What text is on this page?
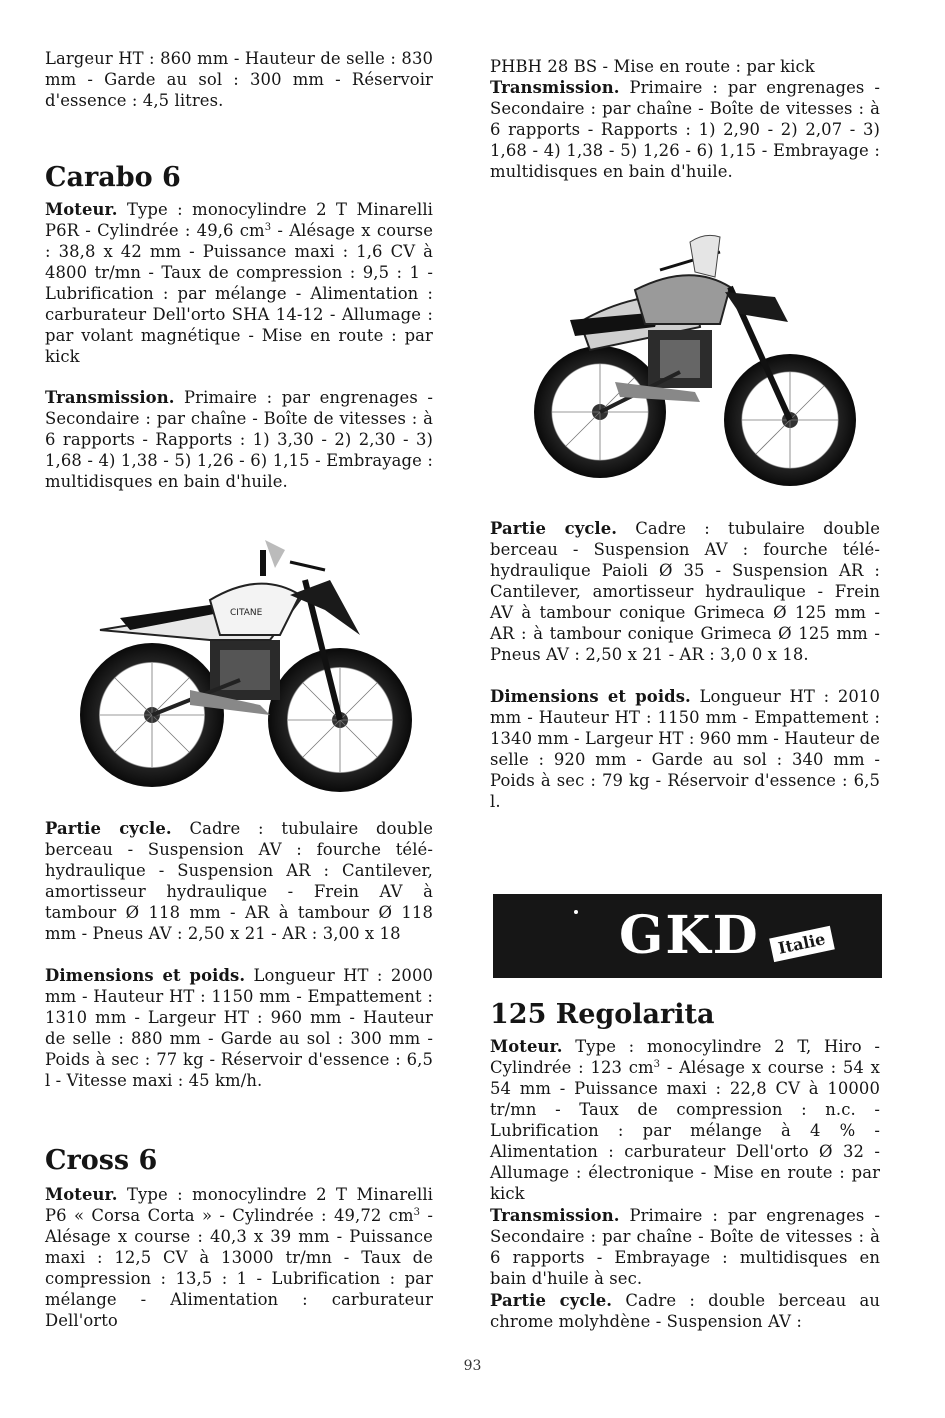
Largeur HT : 860 mm - Hauteur de selle : 830 mm - Garde au sol : 300 mm - Réservoir d'essence : 4,5 litres.
Carabo 6
Moteur. Type : monocylindre 2 T Minarelli P6R - Cylindrée : 49,6 $cm^3$ - Alésage x course : 38,8 x 42 mm - Puissance maxi : 1,6 CV à 4800 tr/mn - Taux de compression : 9,5 : 1 - Lubrification : par mélange - Alimentation : carburateur Dell'orto SHA 14-12 - Allumage : par volant magnétique - Mise en route : par kick
Transmission. Primaire : par engrenages - Secondaire : par chaîne - Boîte de vitesses : à 6 rapports - Rapports : 1) 3,30 - 2) 2,30 - 3) 1,68 - 4) 1,38 - 5) 1,26 - 6) 1,15 - Embrayage : multidisques en bain d'huile.
Partie cycle. Cadre : tubulaire double berceau - Suspension AV : fourche télé-hydraulique - Suspension AR : Cantilever, amortisseur hydraulique - Frein AV à tambour Ø 118 mm - AR à tambour Ø 118 mm - Pneus AV : 2,50 x 21 - AR : 3,00 x 18
Dimensions et poids. Longueur HT : 2000 mm - Hauteur HT : 1150 mm - Empattement : 1310 mm - Largeur HT : 960 mm - Hauteur de selle : 880 mm - Garde au sol : 300 mm - Poids à sec : 77 kg - Réservoir d'essence : 6,5 l - Vitesse maxi : 45 km/h.
Cross 6
Moteur. Type : monocylindre 2 T Minarelli P6 « Corsa Corta » - Cylindrée : 49,72 $cm^3$ - Alésage x course : 40,3 x 39 mm - Puissance maxi : 12,5 CV à 13000 tr/mn - Taux de compression : 13,5 : 1 - Lubrification : par mélange - Alimentation : carburateur Dell'orto
CITANE
PHBH 28 BS - Mise en route : par kick
Transmission. Primaire : par engrenages - Secondaire : par chaîne - Boîte de vitesses : à 6 rapports - Rapports : 1) 2,90 - 2) 2,07 - 3) 1,68 - 4) 1,38 - 5) 1,26 - 6) 1,15 - Embrayage : multidisques en bain d'huile.
Partie cycle. Cadre : tubulaire double berceau - Suspension AV : fourche télé-hydraulique Paioli Ø 35 - Suspension AR : Cantilever, amortisseur hydraulique - Frein AV à tambour conique Grimeca Ø 125 mm - AR : à tambour conique Grimeca Ø 125 mm - Pneus AV : 2,50 x 21 - AR : 3,0 0 x 18.
Dimensions et poids. Longueur HT : 2010 mm - Hauteur HT : 1150 mm - Empattement : 1340 mm - Largeur HT : 960 mm - Hauteur de selle : 920 mm - Garde au sol : 340 mm - Poids à sec : 79 kg - Réservoir d'essence : 6,5 l.
125 Regolarita
Moteur. Type : monocylindre 2 T, Hiro - Cylindrée : 123 $cm^3$ - Alésage x course : 54 x 54 mm - Puissance maxi : 22,8 CV à 10000 tr/mn - Taux de compression : n.c. - Lubrification : par mélange à 4 % - Alimentation : carburateur Dell'orto Ø 32 - Allumage : électronique - Mise en route : par kick
Transmission. Primaire : par engrenages - Secondaire : par chaîne - Boîte de vitesses : à 6 rapports - Embrayage : multidisques en bain d'huile à sec.
Partie cycle. Cadre : double berceau au chrome molyhdène - Suspension AV :
GKD	Italie
93
